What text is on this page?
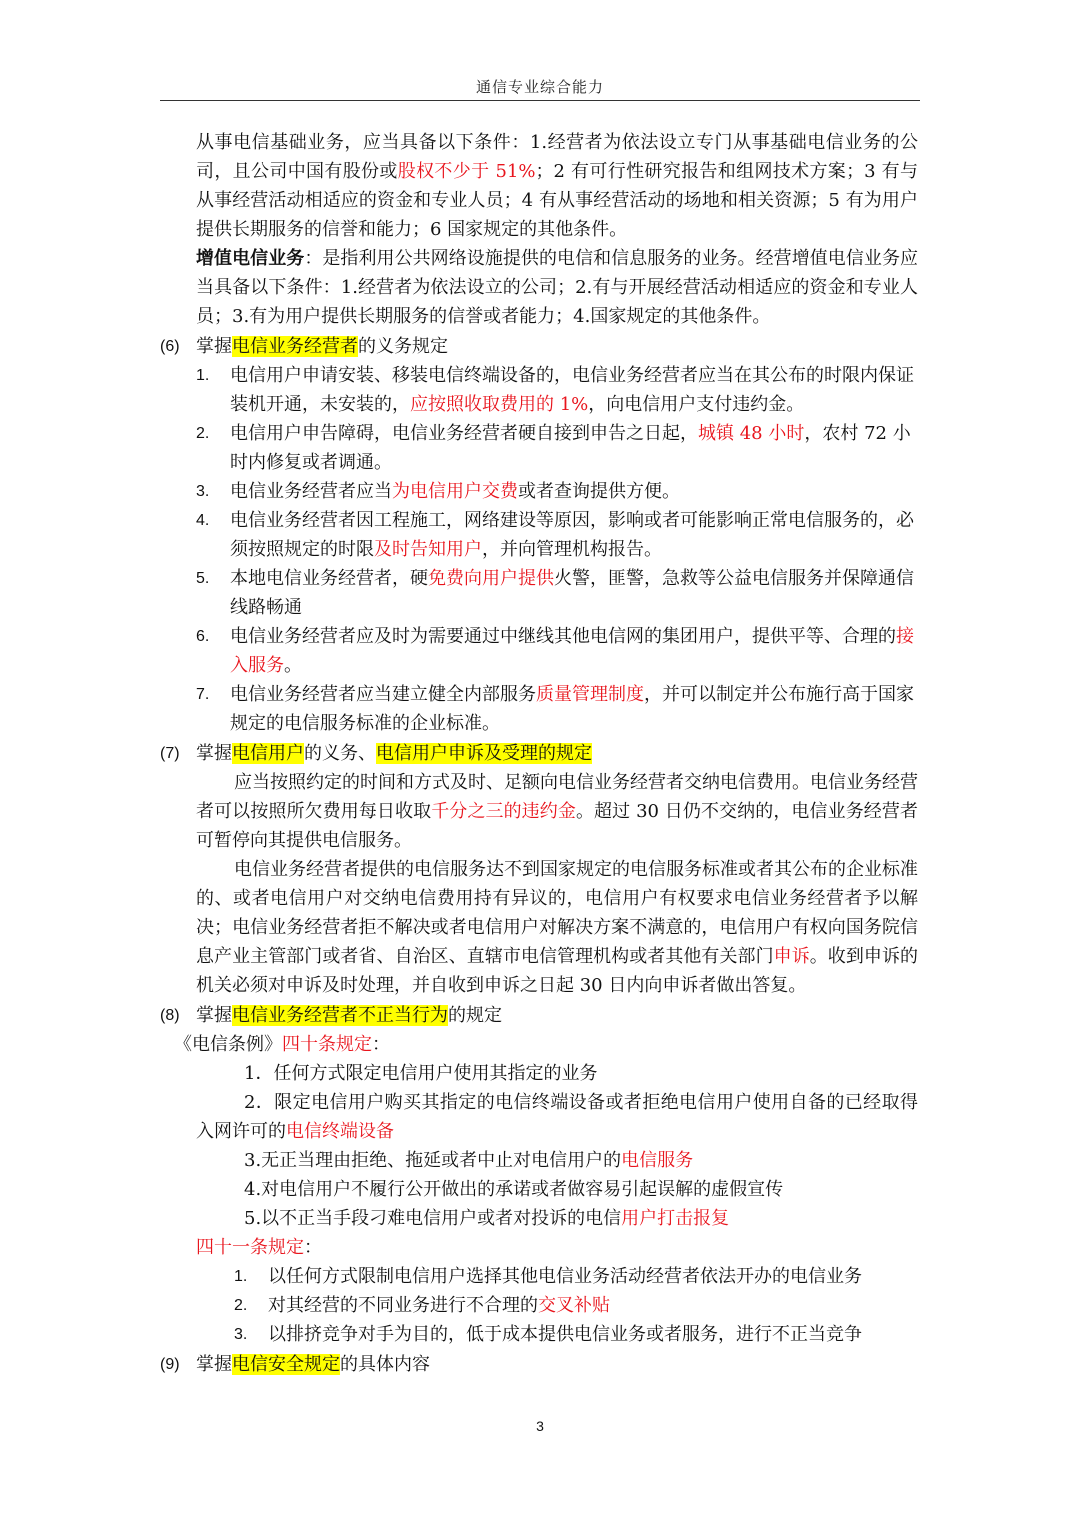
通信专业综合能力

从事电信基础业务，应当具备以下条件：1.经营者为依法设立专门从事基础电信业务的公司，且公司中国有股份或股权不少于 51%；2 有可行性研究报告和组网技术方案；3 有与从事经营活动相适应的资金和专业人员；4 有从事经营活动的场地和相关资源；5 有为用户提供长期服务的信誉和能力；6 国家规定的其他条件。

增值电信业务：是指利用公共网络设施提供的电信和信息服务的业务。经营增值电信业务应当具备以下条件：1.经营者为依法设立的公司；2.有与开展经营活动相适应的资金和专业人员；3.有为用户提供长期服务的信誉或者能力；4.国家规定的其他条件。

(6) 掌握电信业务经营者的义务规定

1. 电信用户申请安装、移装电信终端设备的，电信业务经营者应当在其公布的时限内保证装机开通，未安装的，应按照收取费用的 1%，向电信用户支付违约金。

2. 电信用户申告障碍，电信业务经营者硬自接到申告之日起，城镇 48 小时，农村 72 小时内修复或者调通。

3. 电信业务经营者应当为电信用户交费或者查询提供方便。

4. 电信业务经营者因工程施工，网络建设等原因，影响或者可能影响正常电信服务的，必须按照规定的时限及时告知用户，并向管理机构报告。

5. 本地电信业务经营者，硬免费向用户提供火警，匪警，急救等公益电信服务并保障通信线路畅通

6. 电信业务经营者应及时为需要通过中继线其他电信网的集团用户，提供平等、合理的接入服务。

7. 电信业务经营者应当建立健全内部服务质量管理制度，并可以制定并公布施行高于国家规定的电信服务标准的企业标准。

(7) 掌握电信用户的义务、电信用户申诉及受理的规定

应当按照约定的时间和方式及时、足额向电信业务经营者交纳电信费用。电信业务经营者可以按照所欠费用每日收取千分之三的违约金。超过 30 日仍不交纳的，电信业务经营者可暂停向其提供电信服务。

电信业务经营者提供的电信服务达不到国家规定的电信服务标准或者其公布的企业标准的、或者电信用户对交纳电信费用持有异议的，电信用户有权要求电信业务经营者予以解决；电信业务经营者拒不解决或者电信用户对解决方案不满意的，电信用户有权向国务院信息产业主管部门或者省、自治区、直辖市电信管理机构或者其他有关部门申诉。收到申诉的机关必须对申诉及时处理，并自收到申诉之日起 30 日内向申诉者做出答复。

(8) 掌握电信业务经营者不正当行为的规定

《电信条例》四十条规定：

1．任何方式限定电信用户使用其指定的业务

2．限定电信用户购买其指定的电信终端设备或者拒绝电信用户使用自备的已经取得入网许可的电信终端设备

3.无正当理由拒绝、拖延或者中止对电信用户的电信服务

4.对电信用户不履行公开做出的承诺或者做容易引起误解的虚假宣传

5.以不正当手段刁难电信用户或者对投诉的电信用户打击报复

四十一条规定：

1. 以任何方式限制电信用户选择其他电信业务活动经营者依法开办的电信业务

2. 对其经营的不同业务进行不合理的交叉补贴

3. 以排挤竞争对手为目的，低于成本提供电信业务或者服务，进行不正当竞争

(9) 掌握电信安全规定的具体内容

3
